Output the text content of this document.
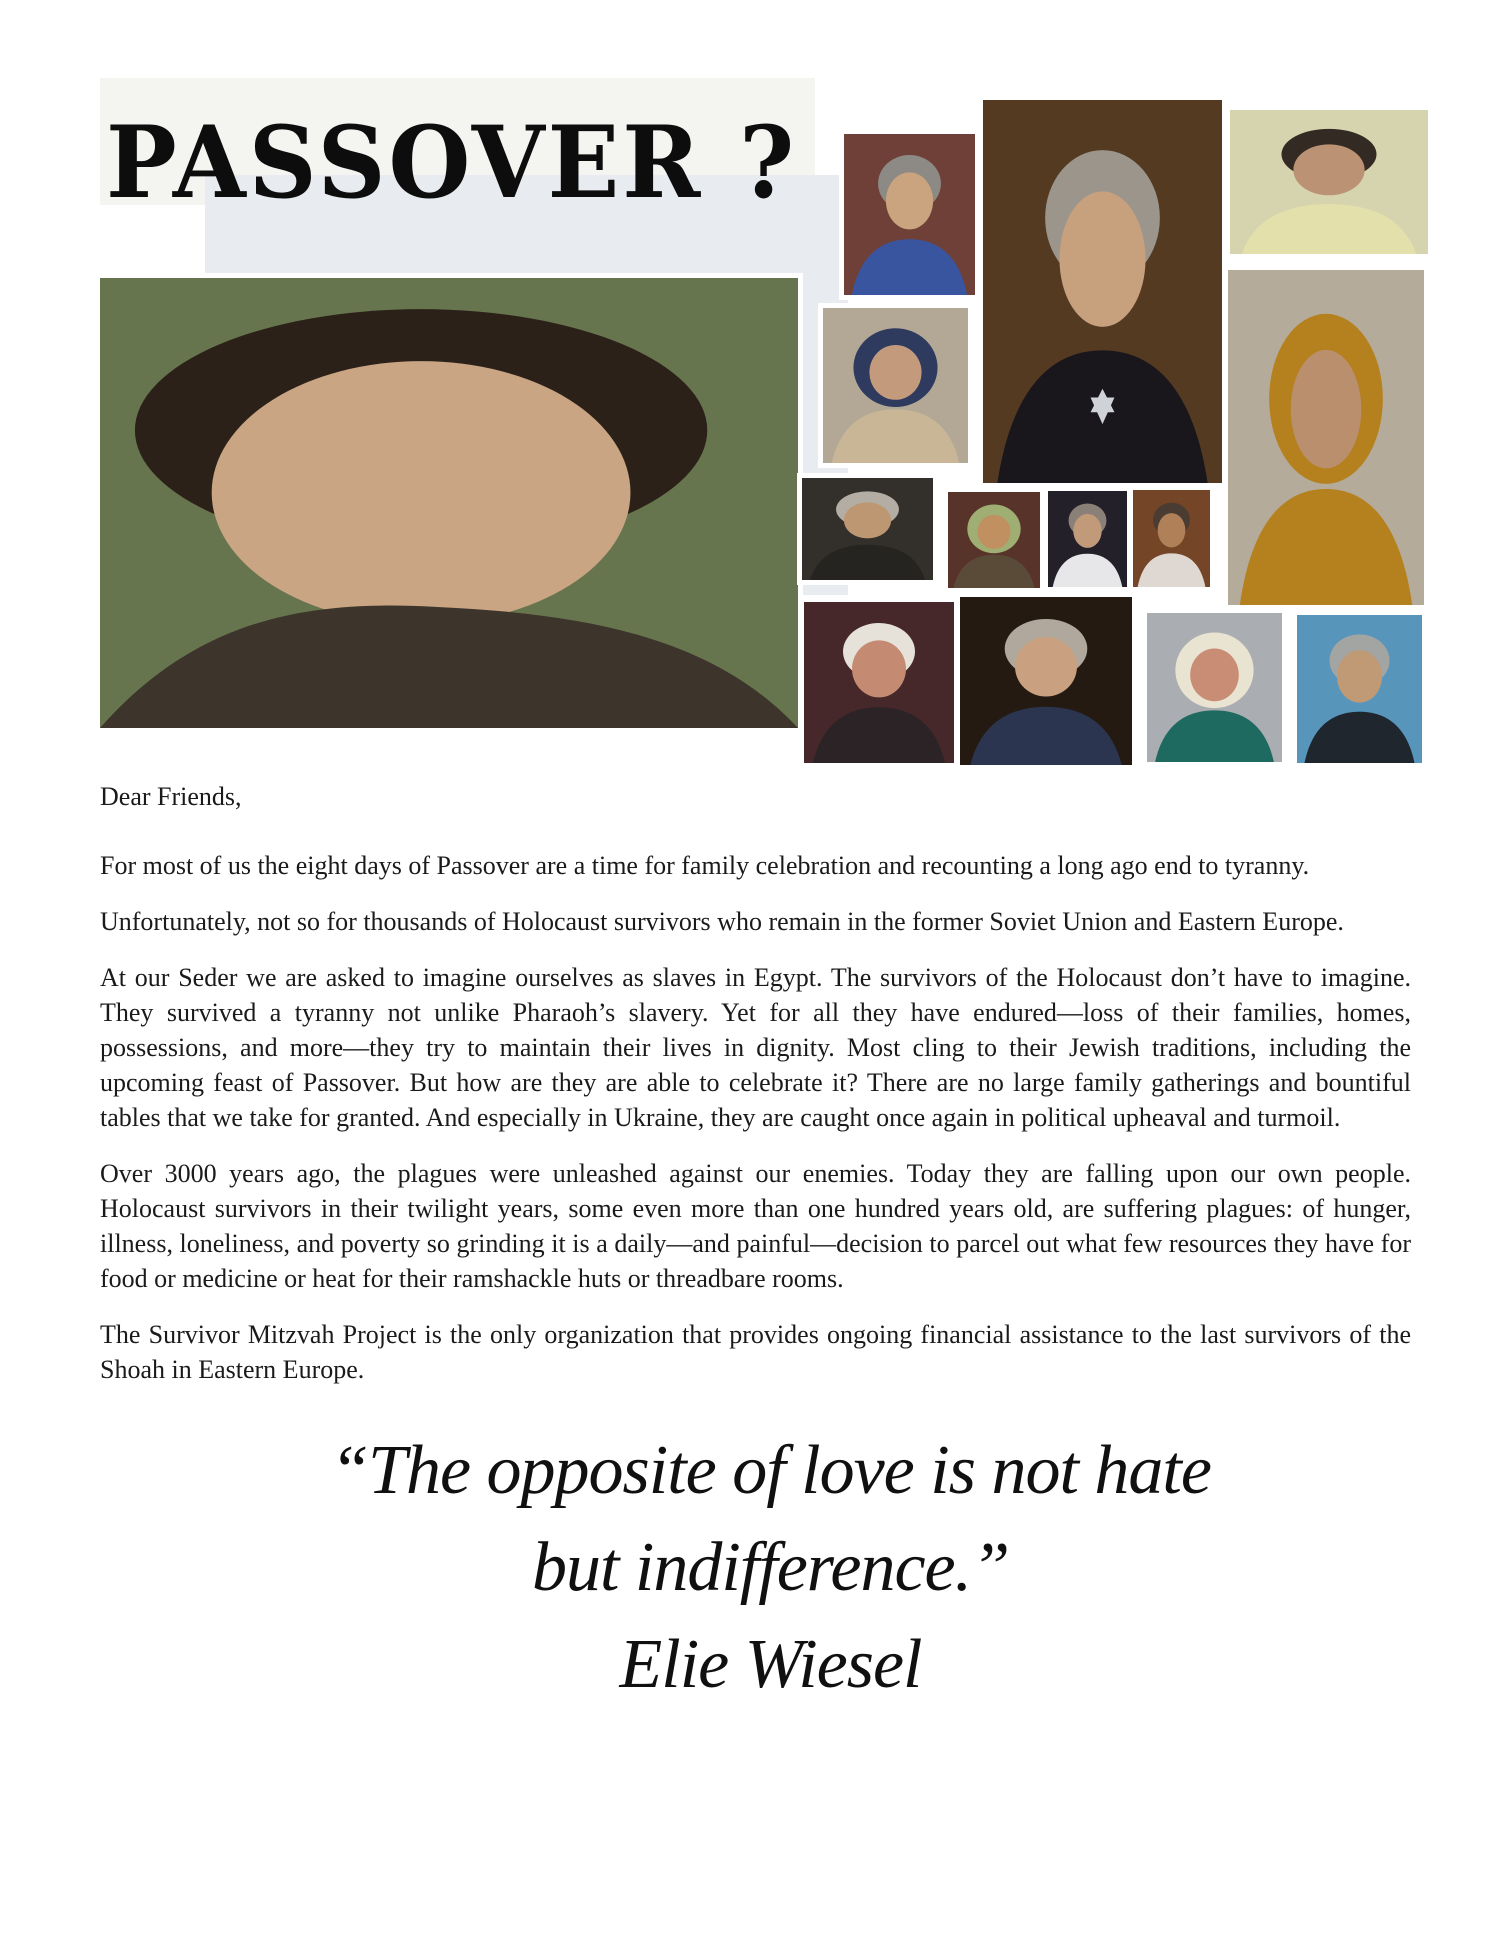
PASSOVER ?

Dear Friends,

For most of us the eight days of Passover are a time for family celebration and recounting a long ago end to tyranny.

Unfortunately, not so for thousands of Holocaust survivors who remain in the former Soviet Union and Eastern Europe.

At our Seder we are asked to imagine ourselves as slaves in Egypt. The survivors of the Holocaust don’t have to imagine. They survived a tyranny not unlike Pharaoh’s slavery. Yet for all they have endured—loss of their families, homes, possessions, and more—they try to maintain their lives in dignity. Most cling to their Jewish traditions, including the upcoming feast of Passover. But how are they are able to celebrate it? There are no large family gatherings and bountiful tables that we take for granted. And especially in Ukraine, they are caught once again in political upheaval and turmoil.

Over 3000 years ago, the plagues were unleashed against our enemies. Today they are falling upon our own people. Holocaust survivors in their twilight years, some even more than one hundred years old, are suffering plagues: of hunger, illness, loneliness, and poverty so grinding it is a daily—and painful—decision to parcel out what few resources they have for food or medicine or heat for their ramshackle huts or threadbare rooms.

The Survivor Mitzvah Project is the only organization that provides ongoing financial assistance to the last survivors of the Shoah in Eastern Europe.

“The opposite of love is not hate
but indifference.”
Elie Wiesel
